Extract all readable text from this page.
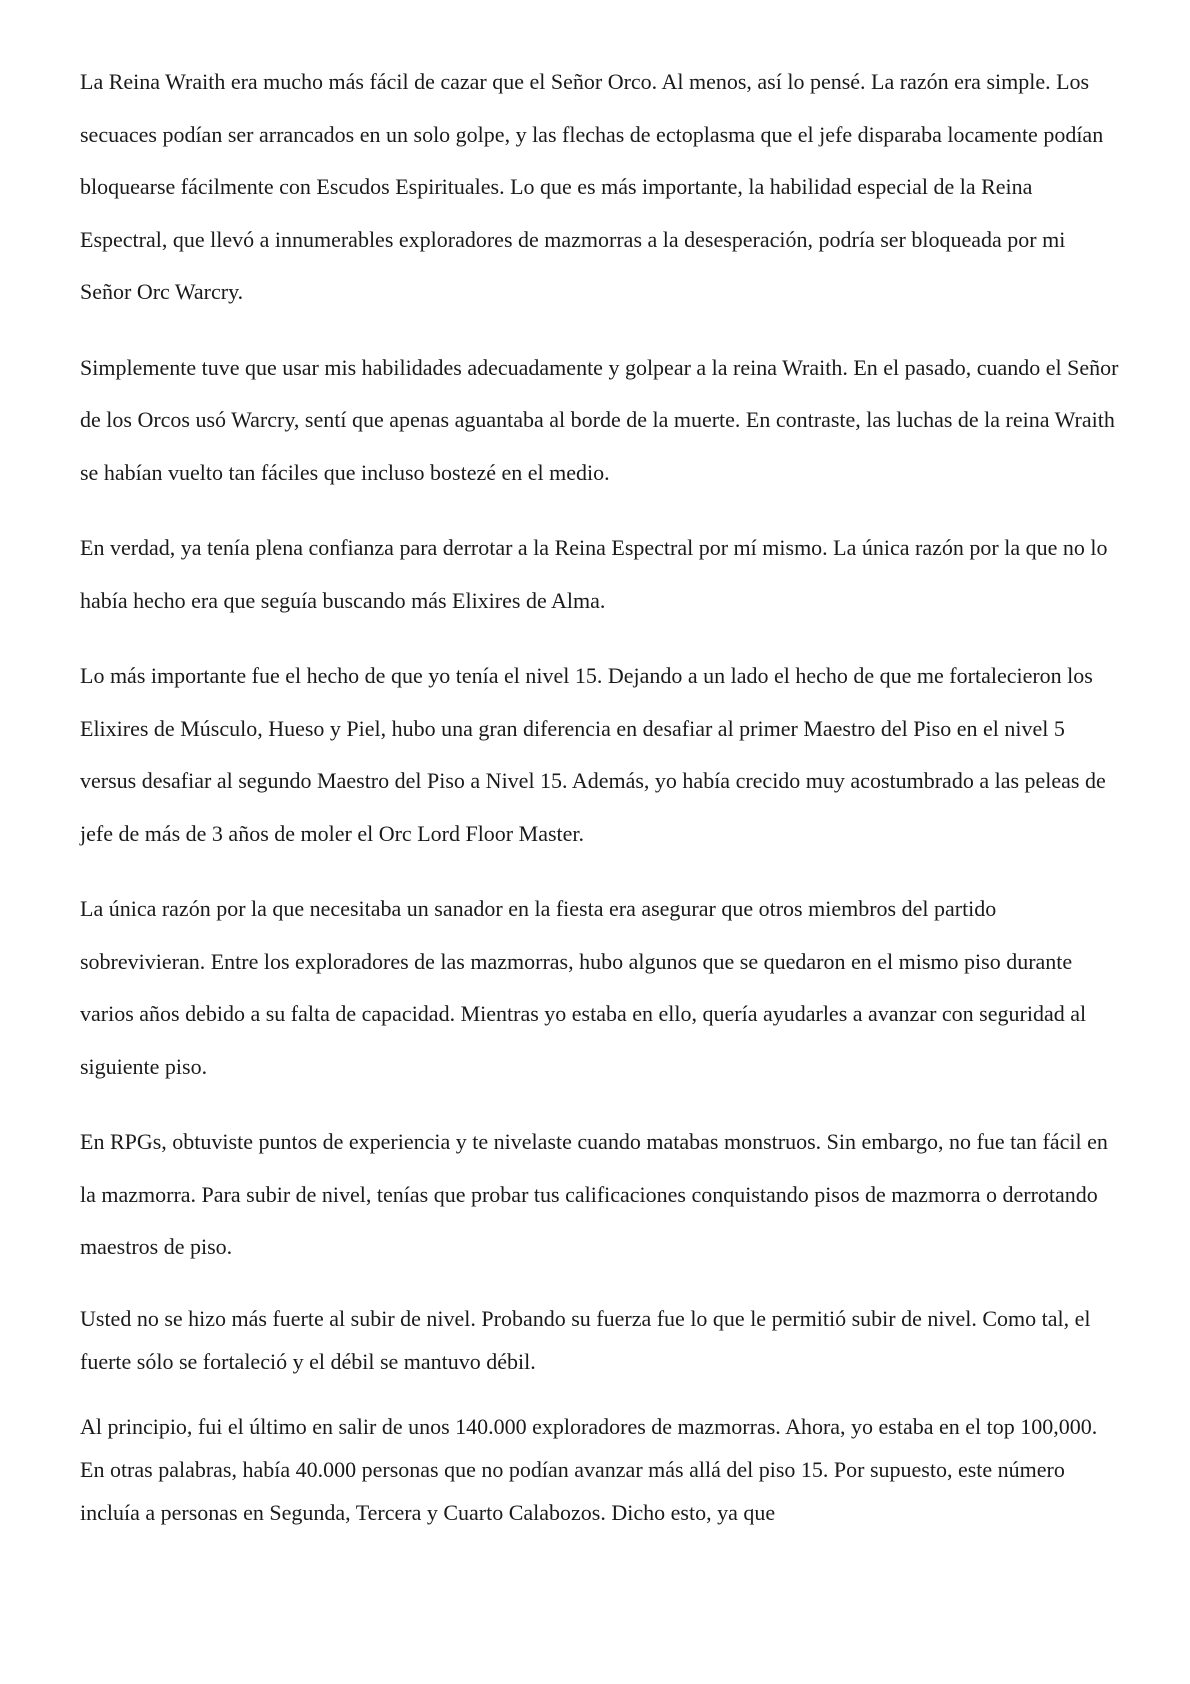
La Reina Wraith era mucho más fácil de cazar que el Señor Orco. Al menos, así lo pensé. La razón era simple. Los secuaces podían ser arrancados en un solo golpe, y las flechas de ectoplasma que el jefe disparaba locamente podían bloquearse fácilmente con Escudos Espirituales. Lo que es más importante, la habilidad especial de la Reina Espectral, que llevó a innumerables exploradores de mazmorras a la desesperación, podría ser bloqueada por mi Señor Orc Warcry.

Simplemente tuve que usar mis habilidades adecuadamente y golpear a la reina Wraith. En el pasado, cuando el Señor de los Orcos usó Warcry, sentí que apenas aguantaba al borde de la muerte. En contraste, las luchas de la reina Wraith se habían vuelto tan fáciles que incluso bostezé en el medio.

En verdad, ya tenía plena confianza para derrotar a la Reina Espectral por mí mismo. La única razón por la que no lo había hecho era que seguía buscando más Elixires de Alma.

Lo más importante fue el hecho de que yo tenía el nivel 15. Dejando a un lado el hecho de que me fortalecieron los Elixires de Músculo, Hueso y Piel, hubo una gran diferencia en desafiar al primer Maestro del Piso en el nivel 5 versus desafiar al segundo Maestro del Piso a Nivel 15. Además, yo había crecido muy acostumbrado a las peleas de jefe de más de 3 años de moler el Orc Lord Floor Master.

La única razón por la que necesitaba un sanador en la fiesta era asegurar que otros miembros del partido sobrevivieran. Entre los exploradores de las mazmorras, hubo algunos que se quedaron en el mismo piso durante varios años debido a su falta de capacidad. Mientras yo estaba en ello, quería ayudarles a avanzar con seguridad al siguiente piso.

En RPGs, obtuviste puntos de experiencia y te nivelaste cuando matabas monstruos. Sin embargo, no fue tan fácil en la mazmorra. Para subir de nivel, tenías que probar tus calificaciones conquistando pisos de mazmorra o derrotando maestros de piso.

Usted no se hizo más fuerte al subir de nivel. Probando su fuerza fue lo que le permitió subir de nivel. Como tal, el fuerte sólo se fortaleció y el débil se mantuvo débil.

Al principio, fui el último en salir de unos 140.000 exploradores de mazmorras. Ahora, yo estaba en el top 100,000. En otras palabras, había 40.000 personas que no podían avanzar más allá del piso 15. Por supuesto, este número incluía a personas en Segunda, Tercera y Cuarto Calabozos. Dicho esto, ya que
